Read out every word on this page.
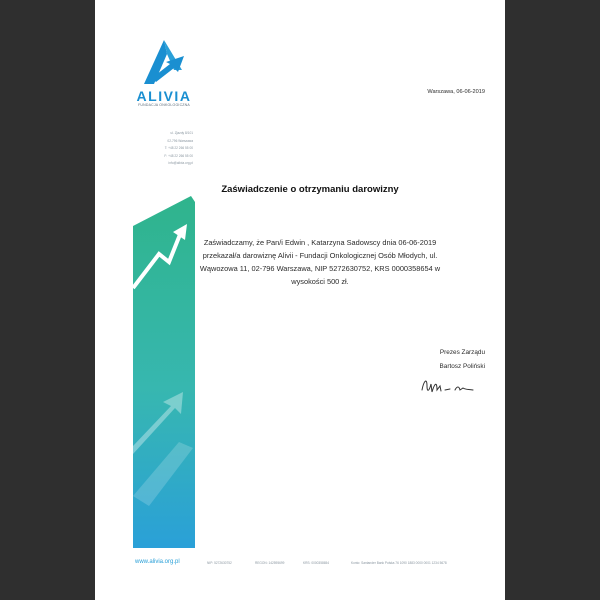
ALIVIA
FUNDACJA ONKOLOGICZNA
ul. Zjazdy 8/101
02-796 Warszawa
T: +48 22 266 55 00
F: +48 22 266 55 00
info@alivia.org.pl
www.alivia.org.pl	NIP: 5272630752	REGON: 142595699	KRS: 0000358654	Konto: Santander Bank Polska 76 1090 1883 0000 0001 1234 5678
Warszawa, 06-06-2019
Zaświadczenie o otrzymaniu darowizny
Zaświadczamy, że Pan/i Edwin , Katarzyna Sadowscy dnia 06-06-2019 przekazał/a darowiznę Alivii - Fundacji Onkologicznej Osób Młodych, ul. Wąwozowa 11, 02-796 Warszawa, NIP 5272630752, KRS 0000358654 w wysokości 500 zł.
Prezes Zarządu
Bartosz Poliński
